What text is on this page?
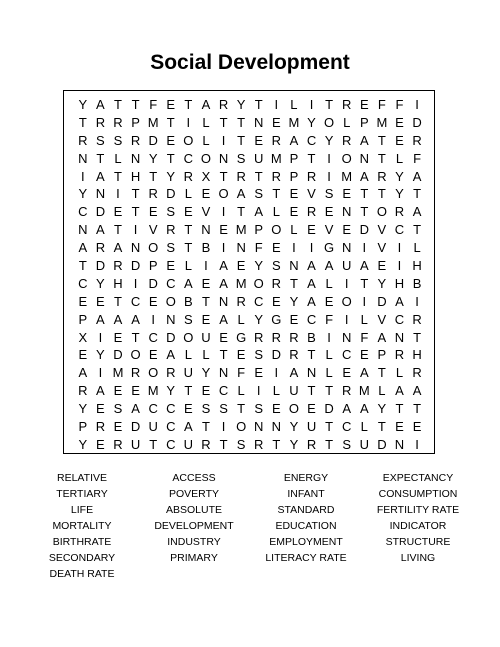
Social Development
Y A T T F E T A R Y T I L I T R E F F I
T R R P M T I L T T N E M Y O L P M E D
R S S R D E O L I T E R A C Y R A T E R
N T L N Y T C O N S U M P T I O N T L F
I A T H T Y R X T R T R P R I M A R Y A
Y N I T R D L E O A S T E V S E T T Y T
C D E T E S E V I T A L E R E N T O R A
N A T I V R T N E M P O L E V E D V C T
A R A N O S T B I N F E I	I G N I V I L
T D R D P E L I A E Y S N A A U A E I H
C Y H I D C A E A M O R T A L I T Y H B
E E T C E O B T N R C E Y A E O I D A I
P A A A I N S E A L Y G E C F I L V C R
X I E T C D O U E G R R R B I N F A N T
E Y D O E A L L T E S D R T L C E P R H
A I M R O R U Y N F E I A N L E A T L R
R A E E M Y T E C L I L U T T R M L A A
Y E S A C C E S S T S E O E D A A Y T T
P R E D U C A T I O N N Y U T C L T E E
Y E R U T C U R T S R T Y R T S U D N I
RELATIVE	ACCESS	ENERGY	EXPECTANCY
TERTIARY	POVERTY	INFANT	CONSUMPTION
LIFE	ABSOLUTE	STANDARD	FERTILITY RATE
MORTALITY	DEVELOPMENT	EDUCATION	INDICATOR
BIRTHRATE	INDUSTRY	EMPLOYMENT	STRUCTURE
SECONDARY	PRIMARY	LITERACY RATE	LIVING
DEATH RATE
